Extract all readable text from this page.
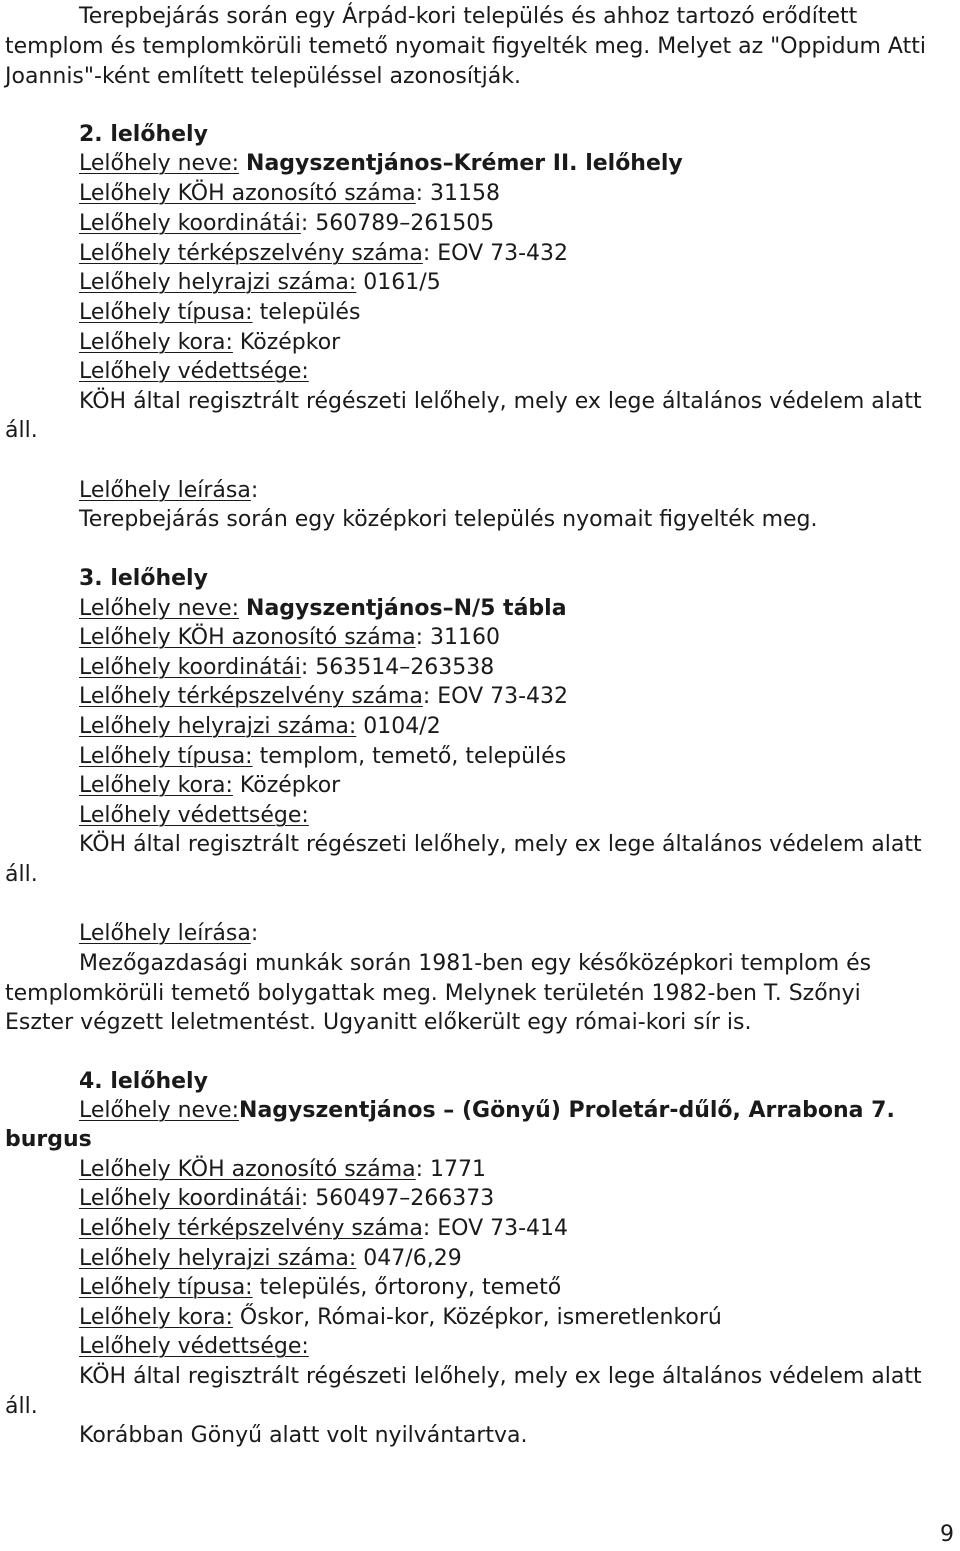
Terepbejárás során egy Árpád-kori település és ahhoz tartozó erődített
templom és templomkörüli temető nyomait figyelték meg. Melyet az "Oppidum Atti
Joannis"-ként említett településsel azonosítják.
2. lelőhely
Lelőhely neve: Nagyszentjános–Krémer II. lelőhely
Lelőhely KÖH azonosító száma: 31158
Lelőhely koordinátái: 560789–261505
Lelőhely térképszelvény száma: EOV 73-432
Lelőhely helyrajzi száma: 0161/5
Lelőhely típusa: település
Lelőhely kora: Középkor
Lelőhely védettsége:
KÖH által regisztrált régészeti lelőhely, mely ex lege általános védelem alatt
áll.
Lelőhely leírása:
Terepbejárás során egy középkori település nyomait figyelték meg.
3. lelőhely
Lelőhely neve: Nagyszentjános–N/5 tábla
Lelőhely KÖH azonosító száma: 31160
Lelőhely koordinátái: 563514–263538
Lelőhely térképszelvény száma: EOV 73-432
Lelőhely helyrajzi száma: 0104/2
Lelőhely típusa: templom, temető, település
Lelőhely kora: Középkor
Lelőhely védettsége:
KÖH által regisztrált régészeti lelőhely, mely ex lege általános védelem alatt
áll.
Lelőhely leírása:
Mezőgazdasági munkák során 1981-ben egy későközépkori templom és
templomkörüli temető bolygattak meg. Melynek területén 1982-ben T. Szőnyi
Eszter végzett leletmentést. Ugyanitt előkerült egy római-kori sír is.
4. lelőhely
Lelőhely neve:Nagyszentjános – (Gönyű) Proletár-dűlő, Arrabona 7.
burgus
Lelőhely KÖH azonosító száma: 1771
Lelőhely koordinátái: 560497–266373
Lelőhely térképszelvény száma: EOV 73-414
Lelőhely helyrajzi száma: 047/6,29
Lelőhely típusa: település, őrtorony, temető
Lelőhely kora: Őskor, Római-kor, Középkor, ismeretlenkorú
Lelőhely védettsége:
KÖH által regisztrált régészeti lelőhely, mely ex lege általános védelem alatt
áll.
Korábban Gönyű alatt volt nyilvántartva.
9
